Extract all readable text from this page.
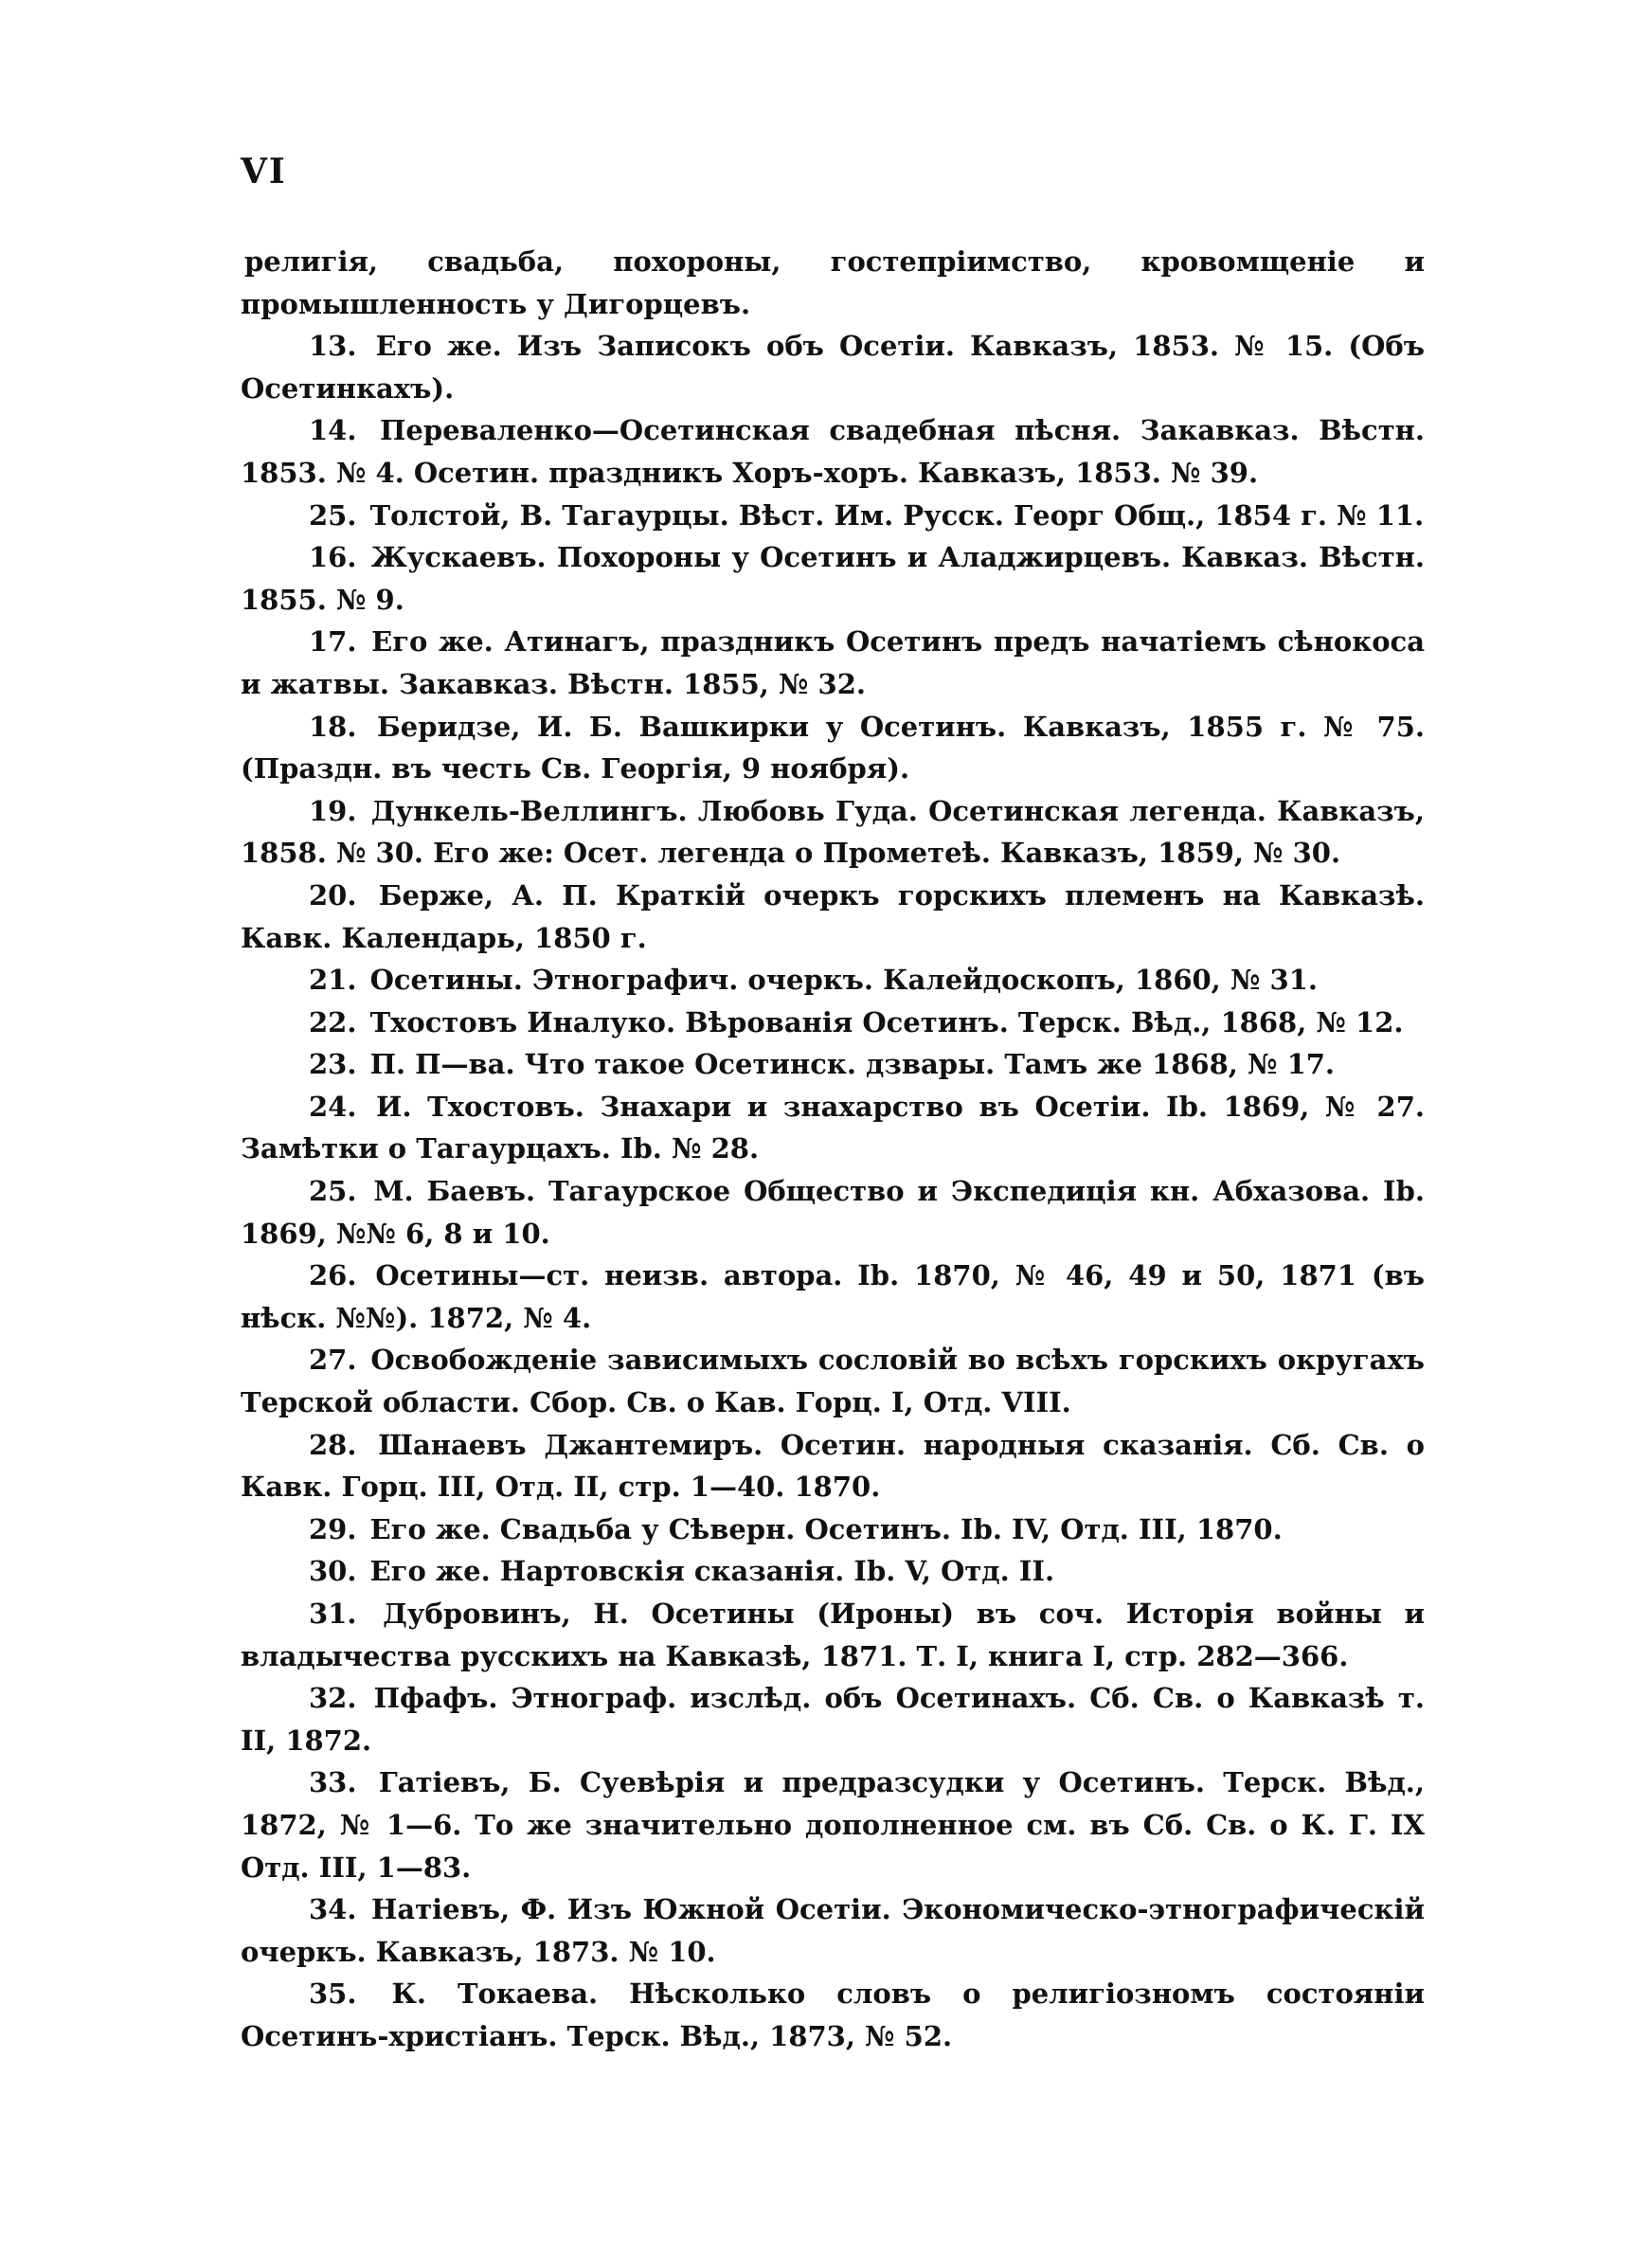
VI
религія, свадьба, похороны, гостепріимство, кровомщеніе и промышленность у Дигорцевъ.
13. Его же. Изъ Записокъ объ Осетіи. Кавказъ, 1853. № 15. (Объ Осетинкахъ).
14. Переваленко—Осетинская свадебная пѣсня. Закавказ. Вѣстн. 1853. № 4. Осетин. праздникъ Хоръ-хоръ. Кавказъ, 1853. № 39.
25. Толстой, В. Тагаурцы. Вѣст. Им. Русск. Георг Общ., 1854 г. № 11.
16. Жускаевъ. Похороны у Осетинъ и Аладжирцевъ. Кавказ. Вѣстн. 1855. № 9.
17. Его же. Атинагъ, праздникъ Осетинъ предъ начатіемъ сѣнокоса и жатвы. Закавказ. Вѣстн. 1855, № 32.
18. Беридзе, И. Б. Вашкирки у Осетинъ. Кавказъ, 1855 г. № 75. (Праздн. въ честь Св. Георгія, 9 ноября).
19. Дункель-Веллингъ. Любовь Гуда. Осетинская легенда. Кавказъ, 1858. № 30. Его же: Осет. легенда о Прометеѣ. Кавказъ, 1859, № 30.
20. Берже, А. П. Краткій очеркъ горскихъ племенъ на Кавказѣ. Кавк. Календарь, 1850 г.
21. Осетины. Этнографич. очеркъ. Калейдоскопъ, 1860, № 31.
22. Тхостовъ Иналуко. Вѣрованія Осетинъ. Терск. Вѣд., 1868, № 12.
23. П. П—ва. Что такое Осетинск. дзвары. Тамъ же 1868, № 17.
24. И. Тхостовъ. Знахари и знахарство въ Осетіи. Ib. 1869, № 27. Замѣтки о Тагаурцахъ. Ib. № 28.
25. М. Баевъ. Тагаурское Общество и Экспедиція кн. Абхазова. Ib. 1869, №№ 6, 8 и 10.
26. Осетины—ст. неизв. автора. Ib. 1870, № 46, 49 и 50, 1871 (въ нѣск. №№). 1872, № 4.
27. Освобожденіе зависимыхъ сословій во всѣхъ горскихъ округахъ Терской области. Сбор. Св. о Кав. Горц. I, Отд. VIII.
28. Шанаевъ Джантемиръ. Осетин. народныя сказанія. Сб. Св. о Кавк. Горц. III, Отд. II, стр. 1—40. 1870.
29. Его же. Свадьба у Сѣверн. Осетинъ. Ib. IV, Отд. III, 1870.
30. Его же. Нартовскія сказанія. Ib. V, Отд. II.
31. Дубровинъ, Н. Осетины (Ироны) въ соч. Исторія войны и владычества русскихъ на Кавказѣ, 1871. Т. I, книга I, стр. 282—366.
32. Пфафъ. Этнограф. изслѣд. объ Осетинахъ. Сб. Св. о Кавказѣ т. II, 1872.
33. Гатіевъ, Б. Суевѣрія и предразсудки у Осетинъ. Терск. Вѣд., 1872, № 1—6. То же значительно дополненное см. въ Сб. Св. о К. Г. IX Отд. III, 1—83.
34. Натіевъ, Ф. Изъ Южной Осетіи. Экономическо-этнографическій очеркъ. Кавказъ, 1873. № 10.
35. К. Токаева. Нѣсколько словъ о религіозномъ состояніи Осетинъ-христіанъ. Терск. Вѣд., 1873, № 52.
